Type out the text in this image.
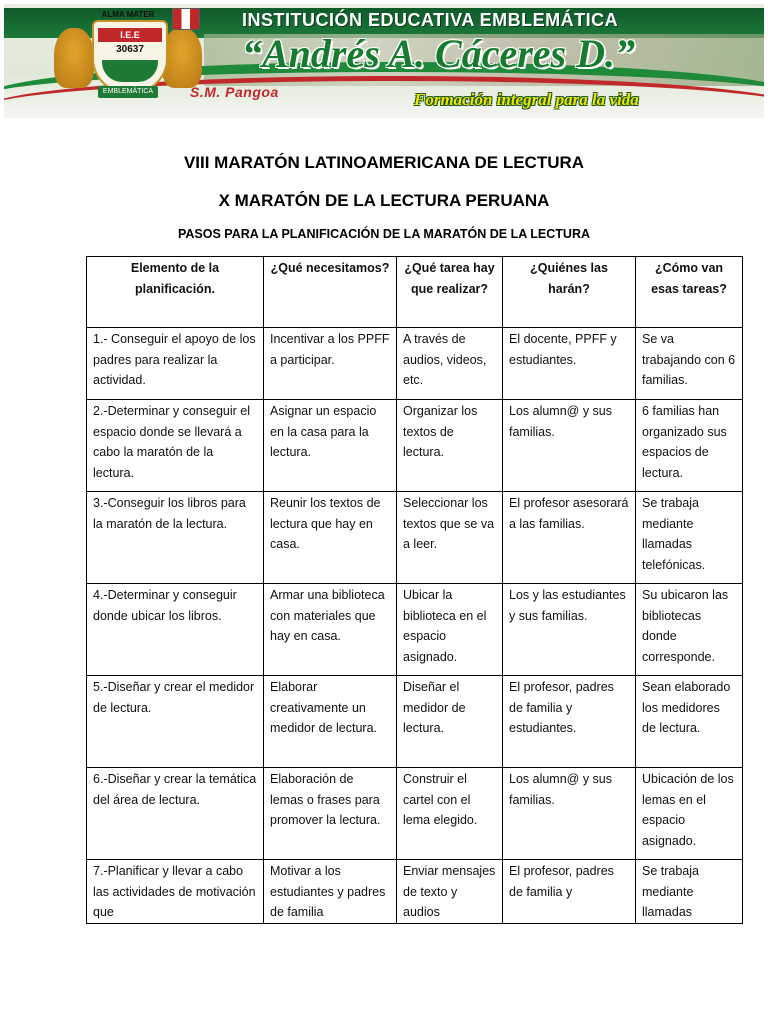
I.E.E
30637
ALMA MATER
EMBLEMÁTICA
INSTITUCIÓN EDUCATIVA EMBLEMÁTICA
“Andrés A. Cáceres D.”
S.M. Pangoa	Formación integral para la vida
VIII MARATÓN LATINOAMERICANA DE LECTURA
X MARATÓN DE LA LECTURA PERUANA
PASOS PARA LA PLANIFICACIÓN DE LA MARATÓN DE LA LECTURA
Elemento de la planificación.	¿Qué necesitamos?	¿Qué tarea hay que realizar?	¿Quiénes las harán?	¿Cómo van esas tareas?
1.- Conseguir el apoyo de los padres para realizar la actividad.	Incentivar a los PPFF a participar.	A través de audios, videos, etc.	El docente, PPFF y estudiantes.	Se va trabajando con 6 familias.
2.-Determinar y conseguir el espacio donde se llevará a cabo la maratón de la lectura.	Asignar un espacio en la casa para la lectura.	Organizar los textos de lectura.	Los alumn@ y sus familias.	6 familias han organizado sus espacios de lectura.
3.-Conseguir los libros para la maratón de la lectura.	Reunir los textos de lectura que hay en casa.	Seleccionar los textos que se va a leer.	El profesor asesorará a las familias.	Se trabaja mediante llamadas telefónicas.
4.-Determinar y conseguir donde ubicar los libros.	Armar una biblioteca con materiales que hay en casa.	Ubicar la biblioteca en el espacio asignado.	Los y las estudiantes y sus familias.	Su ubicaron las bibliotecas donde corresponde.
5.-Diseñar y crear el medidor de lectura.	Elaborar creativamente un medidor de lectura.	Diseñar el medidor de lectura.	El profesor, padres de familia y estudiantes.	Sean elaborado los medidores de lectura.
6.-Diseñar y crear la temática del área de lectura.	Elaboración de lemas o frases para promover la lectura.	Construir el cartel con el lema elegido.	Los alumn@ y sus familias.	Ubicación de los lemas en el espacio asignado.
7.-Planificar y llevar a cabo las actividades de motivación que	Motivar a los estudiantes y padres de familia	Enviar mensajes de texto y audios	El profesor, padres de familia y	Se trabaja mediante llamadas
